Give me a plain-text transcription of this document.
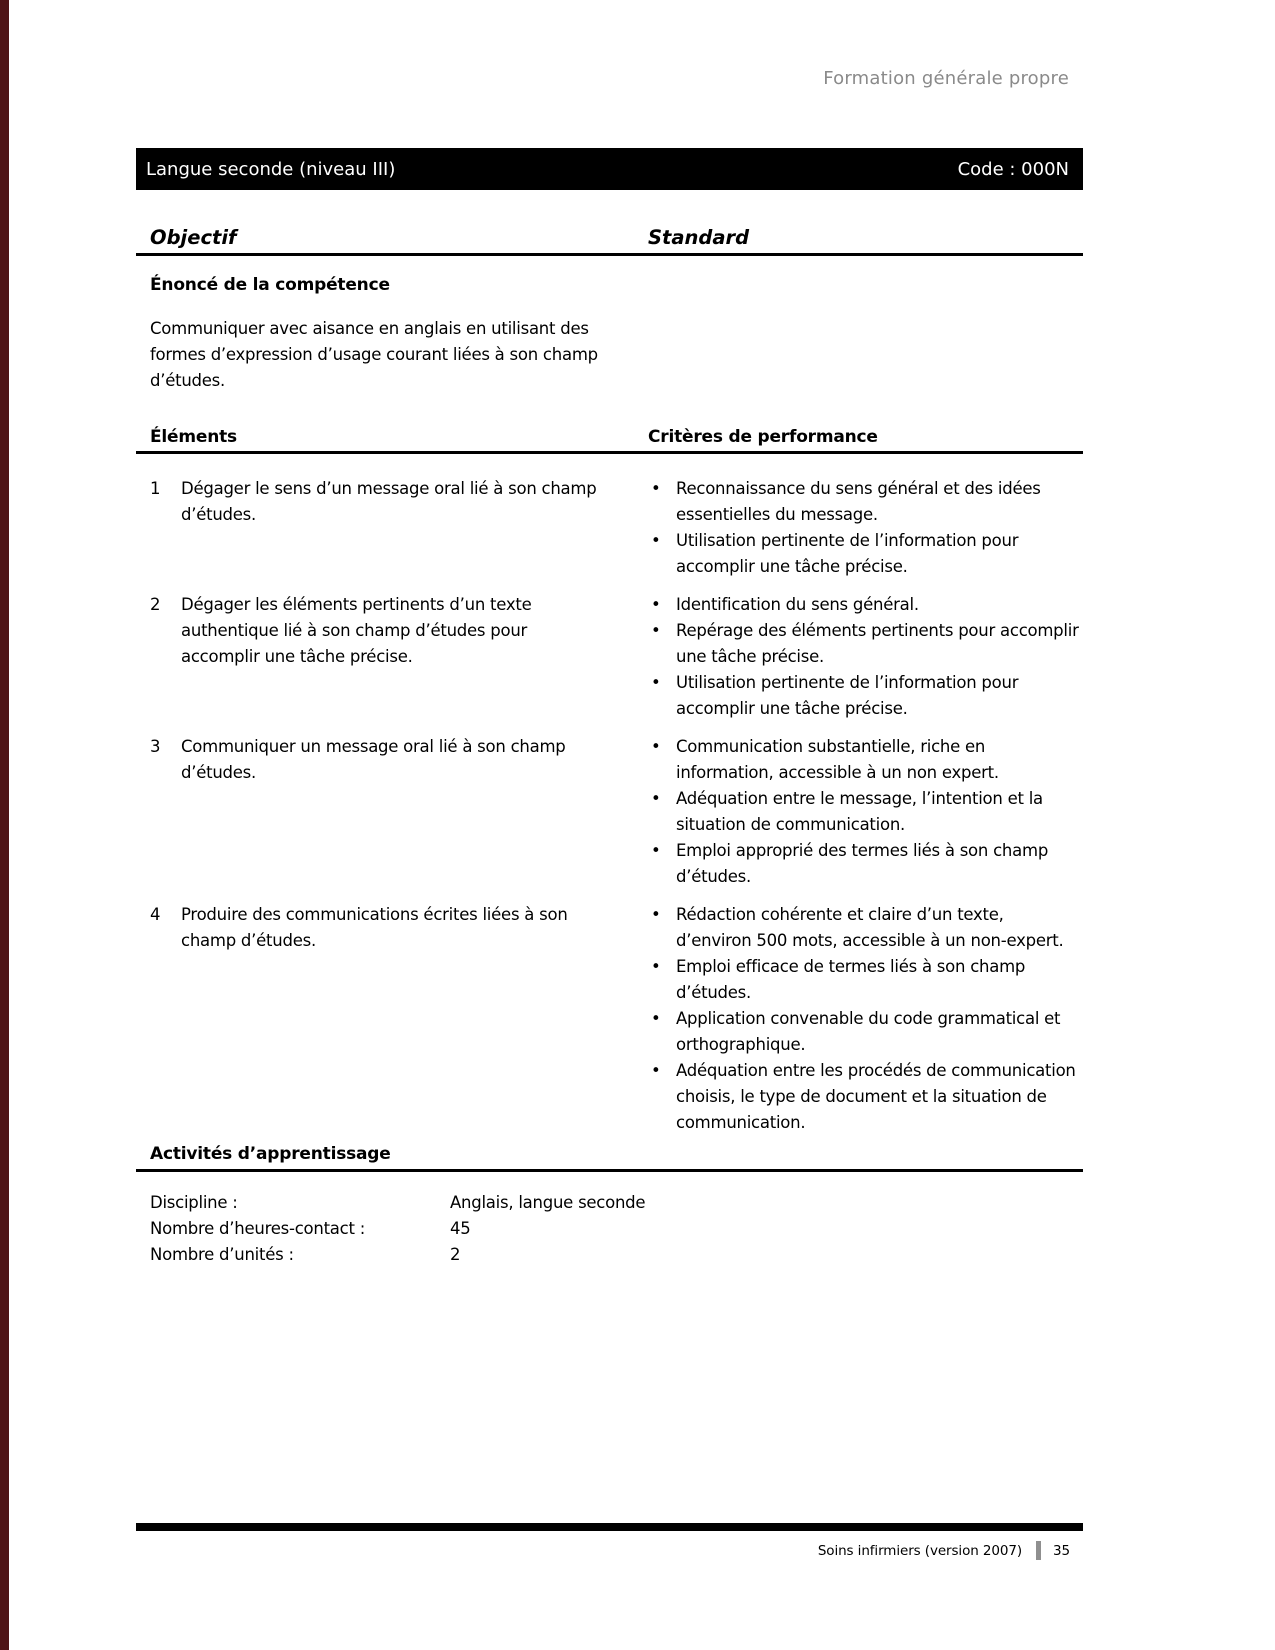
Formation générale propre
Langue seconde (niveau III)	Code : 000N
Objectif	Standard
Énoncé de la compétence
Communiquer avec aisance en anglais en utilisant des formes d’expression d’usage courant liées à son champ d’études.
Éléments	Critères de performance
1	Dégager le sens d’un message oral lié à son champ d’études.
• Reconnaissance du sens général et des idées essentielles du message.
• Utilisation pertinente de l’information pour accomplir une tâche précise.
2	Dégager les éléments pertinents d’un texte authentique lié à son champ d’études pour accomplir une tâche précise.
• Identification du sens général.
• Repérage des éléments pertinents pour accomplir une tâche précise.
• Utilisation pertinente de l’information pour accomplir une tâche précise.
3	Communiquer un message oral lié à son champ d’études.
• Communication substantielle, riche en information, accessible à un non expert.
• Adéquation entre le message, l’intention et la situation de communication.
• Emploi approprié des termes liés à son champ d’études.
4	Produire des communications écrites liées à son champ d’études.
• Rédaction cohérente et claire d’un texte, d’environ 500 mots, accessible à un non-expert.
• Emploi efficace de termes liés à son champ d’études.
• Application convenable du code grammatical et orthographique.
• Adéquation entre les procédés de communication choisis, le type de document et la situation de communication.
Activités d’apprentissage
Discipline :	Anglais, langue seconde
Nombre d’heures-contact :	45
Nombre d’unités :	2
Soins infirmiers (version 2007) 35
